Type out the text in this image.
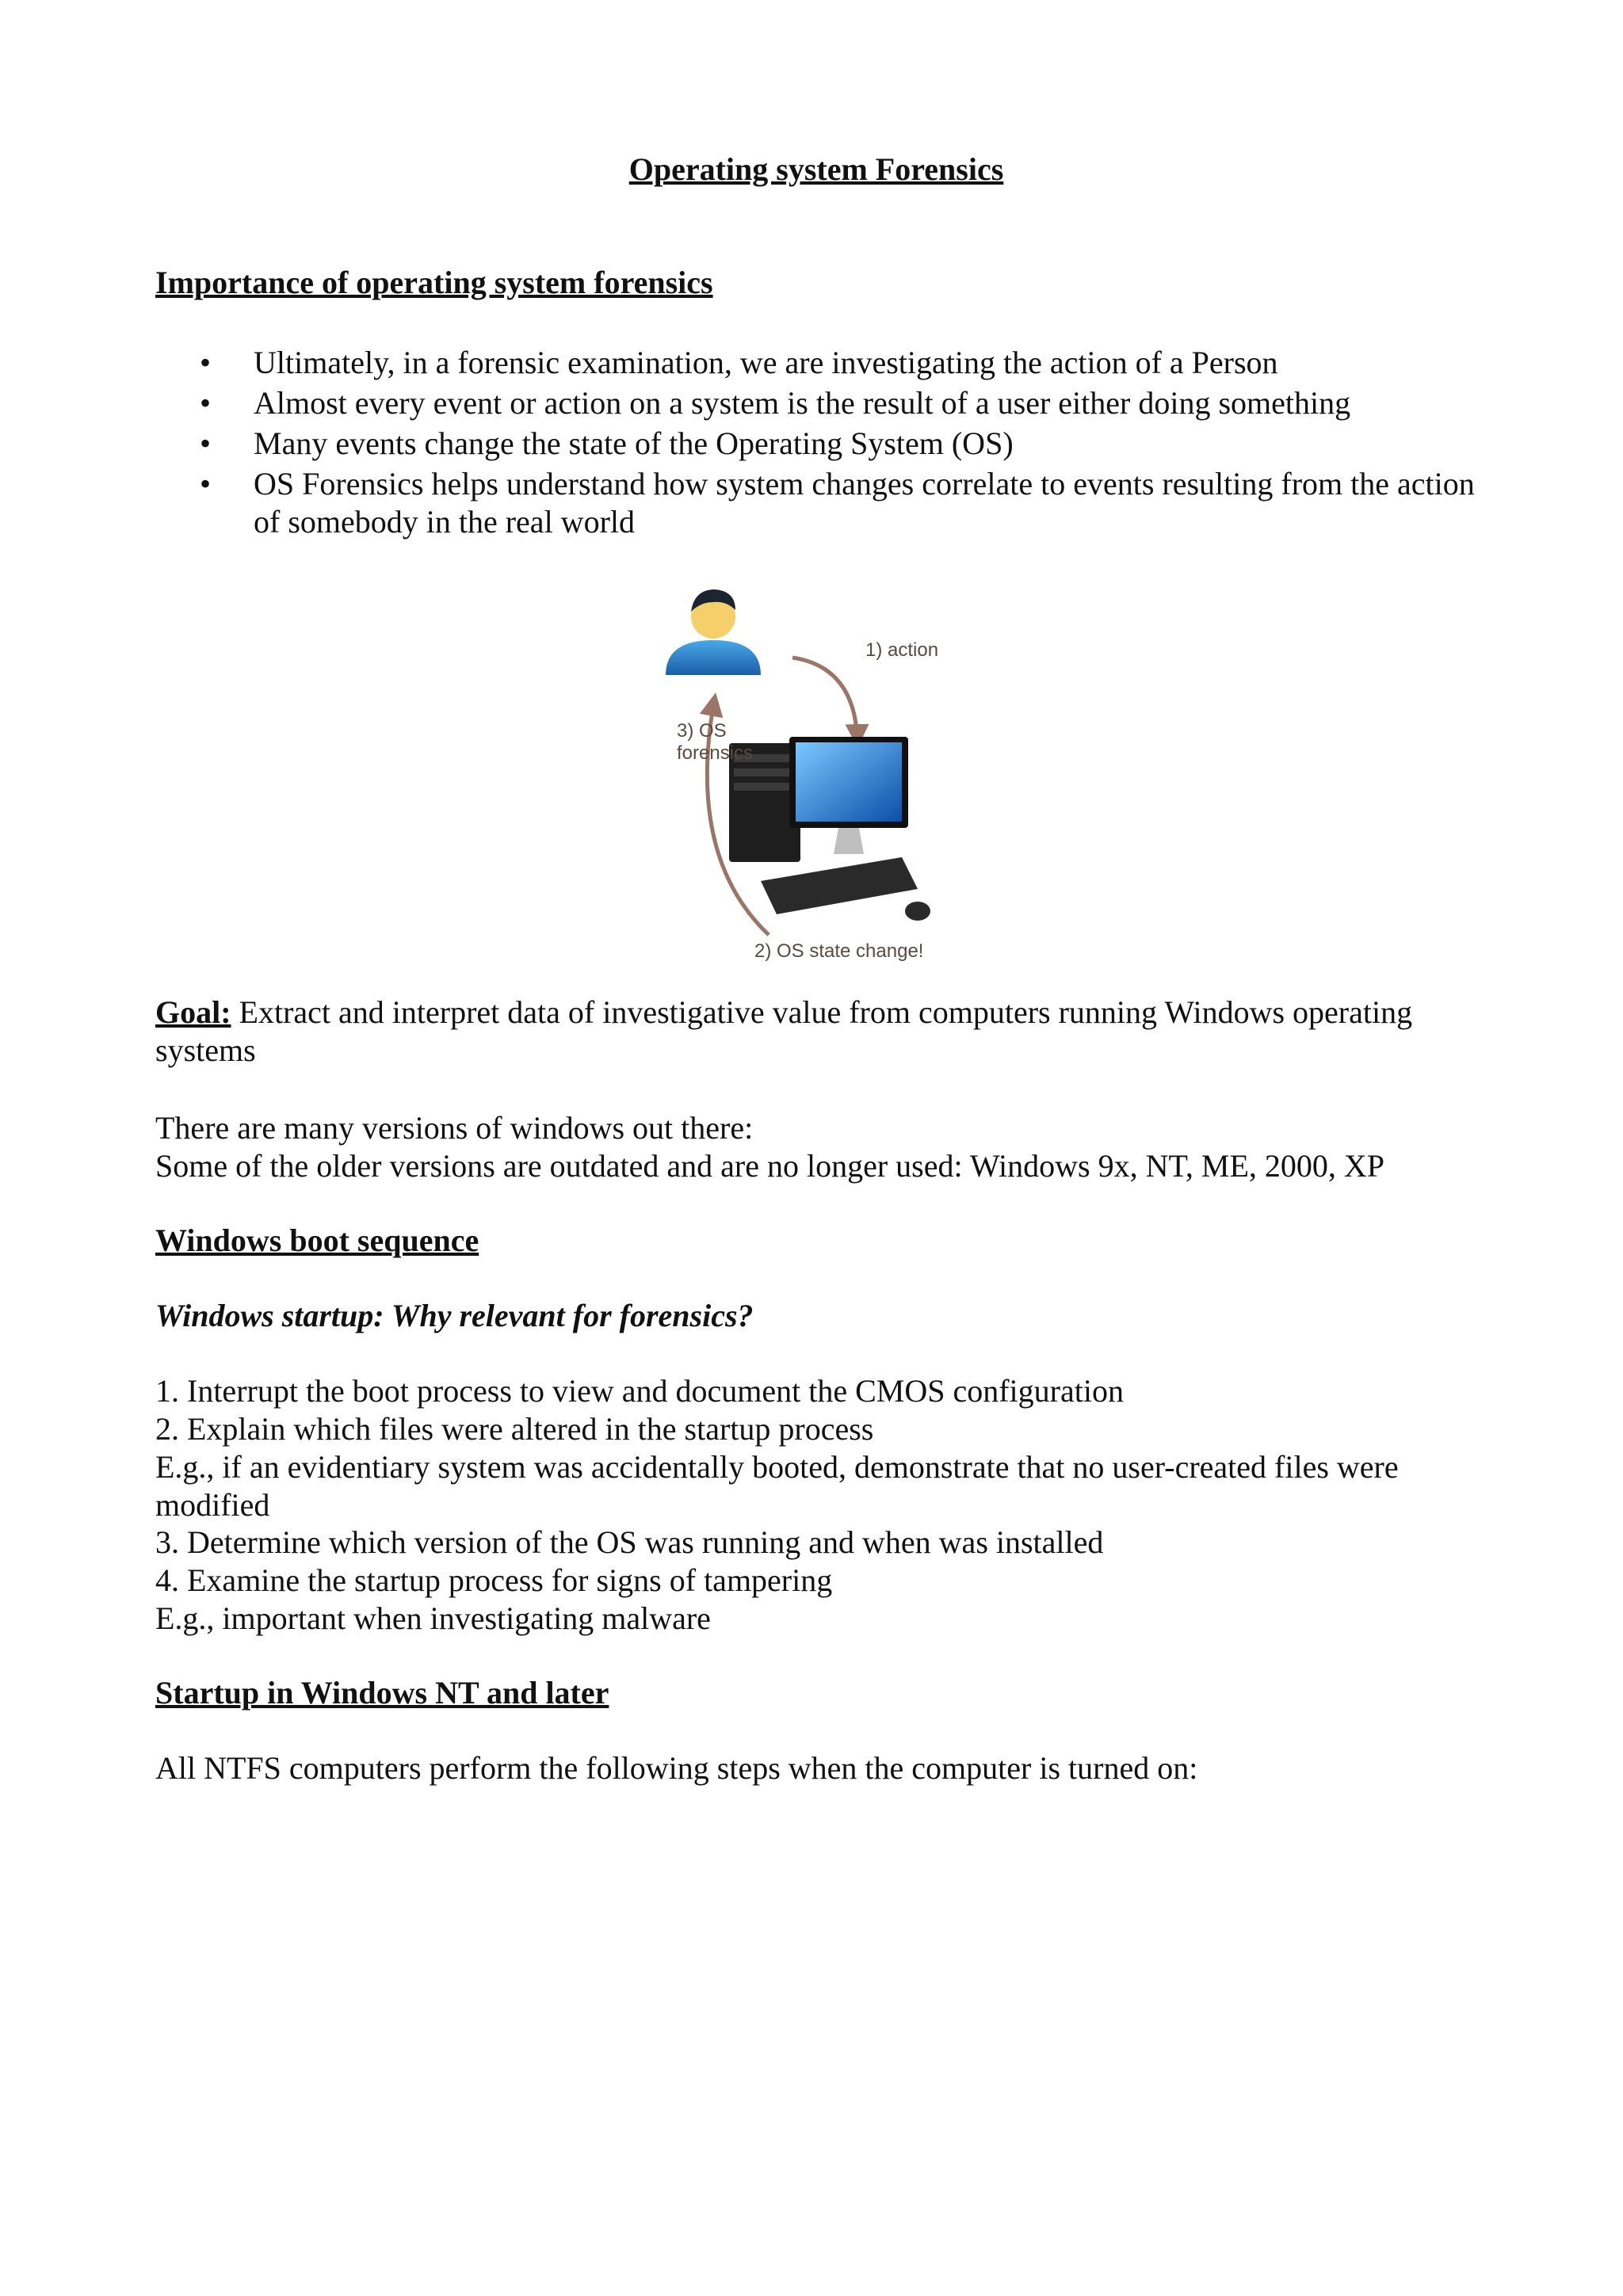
Operating system Forensics
Importance of operating system forensics
• Ultimately, in a forensic examination, we are investigating the action of a Person
• Almost every event or action on a system is the result of a user either doing something
• Many events change the state of the Operating System (OS)
• OS Forensics helps understand how system changes correlate to events resulting from the action of somebody in the real world
1) action
3) OS
forensics
2) OS state change!

Goal: Extract and interpret data of investigative value from computers running Windows operating systems

There are many versions of windows out there:

Some of the older versions are outdated and are no longer used: Windows 9x, NT, ME, 2000, XP

Windows boot sequence
Windows startup: Why relevant for forensics?

1. Interrupt the boot process to view and document the CMOS configuration

2. Explain which files were altered in the startup process

E.g., if an evidentiary system was accidentally booted, demonstrate that no user-created files were modified

3. Determine which version of the OS was running and when was installed

4. Examine the startup process for signs of tampering

E.g., important when investigating malware

Startup in Windows NT and later

All NTFS computers perform the following steps when the computer is turned on:
